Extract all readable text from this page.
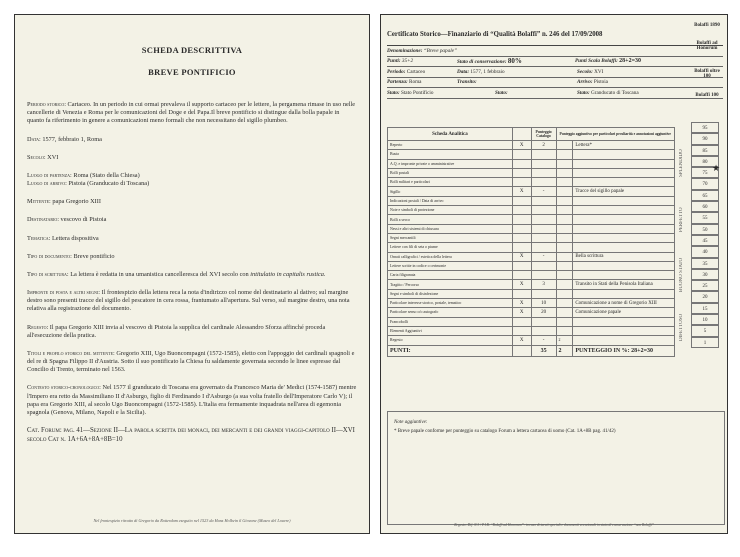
SCHEDA DESCRITTIVA

BREVE PONTIFICIO

Periodo storico: Cartaceo. In un periodo in cui ormai prevaleva il supporto cartaceo per le lettere, la pergamena rimase in uso nelle cancellerie di Venezia e Roma per le comunicazioni del Doge e del Papa.Il breve pontificio si distingue dalla bolla papale in quanto fa riferimento in genere a comunicazioni meno formali che non necessitano del sigillo plumbeo.

Data: 1577, febbraio 1, Roma

Secolo: XVI

Luogo di partenza: Roma (Stato della Chiesa)

Luogo di arrivo: Pistoia (Granducato di Toscana)

Mittente: papa Gregorio XIII

Destinatario: vescovo di Pistoia

Tematica: Lettera dispositiva

Tipo di documento: Breve pontificio

Tipo di scrittura: La lettera è redatta in una umanistica cancelleresca del XVI secolo con intitulatio in capitalis rustica.

Impronte di posta e altri segni: Il frontespizio della lettera reca la nota d'indirizzo col nome del destinatario al dativo; sul margine destro sono presenti tracce del sigillo del pescatore in cera rossa, frantumato all'apertura. Sul verso, sul margine destro, una nota relativa alla registrazione del documento.

Regesto: Il papa Gregorio XIII invia al vescovo di Pistoia la supplica del cardinale Alessandro Sforza affinché proceda all'esecuzione della pratica.

Titoli e profilo storico del mittente: Gregorio XIII, Ugo Buoncompagni (1572-1585), eletto con l'appoggio dei cardinali spagnoli e del re di Spagna Filippo II d'Austria. Sotto il suo pontificato la Chiesa fu saldamente governata secondo le linee espresse dal Concilio di Trento, terminato nel 1563.

Contesto storico-cronologico: Nel 1577 il granducato di Toscana era governato da Francesco Maria de' Medici (1574-1587) mentre l'Impero era retto da Massimiliano II d'Asburgo, figlio di Ferdinando I d'Asburgo (a sua volta fratello dell'Imperatore Carlo V); il papa era Gregorio XIII, al secolo Ugo Buoncompagni (1572-1585). L'Italia era fermamente inquadrata nell'area di egemonia spagnola (Genova, Milano, Napoli e la Sicilia).

Cat. Forum: pag. 41—Sezione II—La parola scritta dei monaci, dei mercanti e dei grandi viaggi-capitolo II—XVI secolo Cat n. 1A+6A+8A+8B=10

Nel frontespizio ritratto di Gregorio da Rotterdam eseguito nel 1523 da Hans Holbein il Giovane (Museo del Louvre)
Certificato Storico—Finanziario di “Qualità Bolaffi” n. 246 del 17/09/2008
Denominazione: “Breve papale”
Punti: 35+2	Stato di conservazione: 80%	Punti Scala Bolaffi: 28+2=30
Periodo: Cartaceo	Data: 1577, 1 febbraio	Secolo: XVI
Partenza: Roma	Transito:	Arrivo: Pistoia
Stato: Stato Pontificio	Stato:	Stato: Granducato di Toscana
Bolaffi 1890
Bolaffi ad Honorum
Bolaffi oltre 100
Bolaffi 100
Scheda Analitica		Punteggio Catalogo	Punteggio aggiuntivo per particolari peculiarità e annotazioni aggiuntive		
Reperto	X	2		Lettera*	
Busta					
A.Q. e impronte private o amministrative					
Bolli postali					
Bolli militari e particolari					
Sigillo	X	-		Tracce del sigillo papale	
Indicazioni postali / Data di arrivo					
Note e simboli di protezione					
Bolli a secco					
Nessi e altri sistemi di chiusura					
Segni mercantili					
Lettere con fili di seta o piume					
Ornati calligrafici / estetica della lettera	X	-		Bella scrittura	
Lettere scritte in codice o cerimonie					
Carta filigranata					
Tragitto / Percorso	X	3		Transito in Stati della Penisola Italiana	
Segni e simboli di disinfezione					
Particolare interesse storico, postale, tematico	X	10		Comunicazione a nome di Gregorio XIII	
Particolare senso o/o autografo	X	20		Comunicazione papale	
Francobolli					
Elementi Aggiuntivi					
Regesto	X	-	2		
PUNTI:		35	2	PUNTEGGIO IN %: 28+2=30	
95
90
85
80
75
70
65
60
55
50
45
40
35
30
25
20
15
10
5
1
SPLENDIDO
PERFETTO
BUONO STATO
DIFETTOSO
★

Note aggiuntive:

* Breve papale conforme per punteggio su catalogo Forum a lettera cartacea di uomo (Cat. 1A+8B pag. 41/42)

Regesto: Dif. N.3 / P.I.B. “Bolaffi ad Honorum”: in caso di tarati speciali e documenti eccezionali in stato di conservazione “non Bolaffi”
